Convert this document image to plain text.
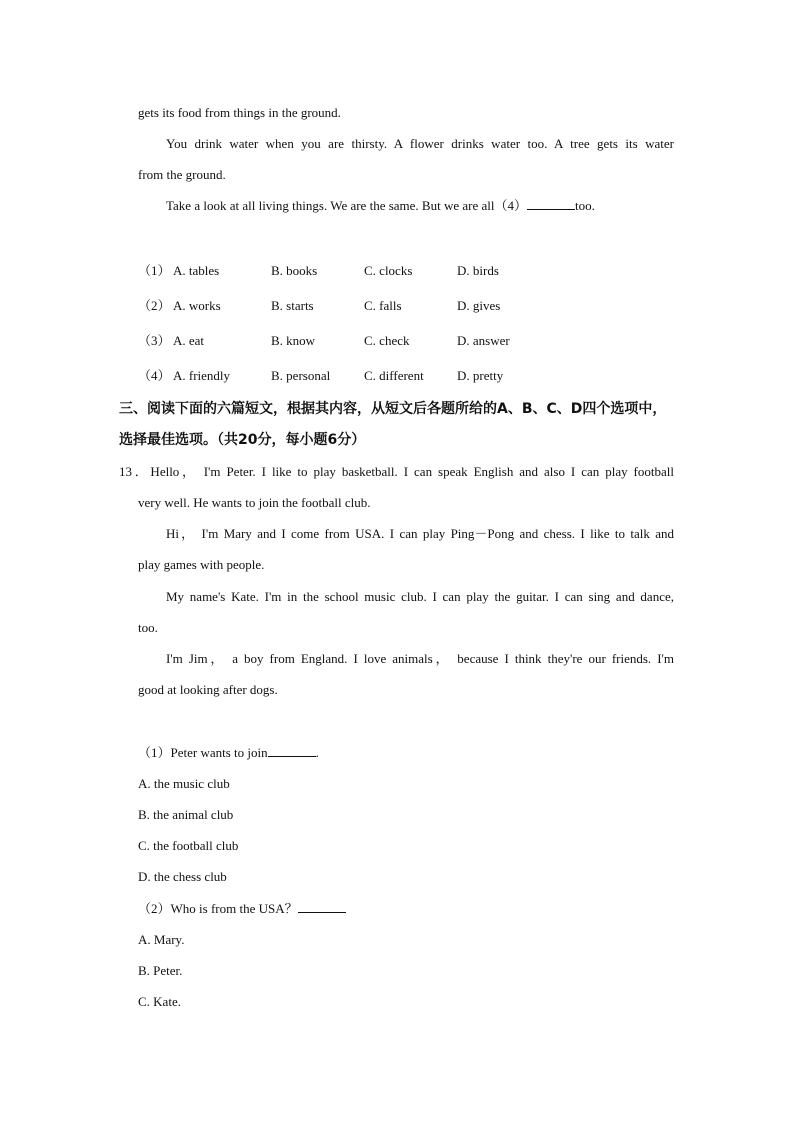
gets its food from things in the ground.
You drink water when you are thirsty. A flower drinks water too. A tree gets its water
from the ground.
Take a look at all living things. We are the same. But we are all（4）	too.
（1） A. tables	B. books	C. clocks	D. birds
（2） A. works	B. starts	C. falls	D. gives
（3） A. eat	B. know	C. check	D. answer
（4） A. friendly	B. personal	C. different	D. pretty
三、阅读下面的六篇短文，根据其内容，从短文后各题所给的A、B、C、D四个选项中，
选择最佳选项。（共20分，每小题6分）
13．Hello， I'm Peter. I like to play basketball. I can speak English and also I can play football
very well. He wants to join the football club.
Hi， I'm Mary and I come from USA. I can play Ping－Pong and chess. I like to talk and
play games with people.
My name's Kate. I'm in the school music club. I can play the guitar. I can sing and dance,
too.
I'm Jim， a boy from England. I love animals， because I think they're our friends. I'm
good at looking after dogs.
（1）Peter wants to join	.
A. the music club
B. the animal club
C. the football club
D. the chess club
（2）Who is from the USA？
A. Mary.
B. Peter.
C. Kate.
